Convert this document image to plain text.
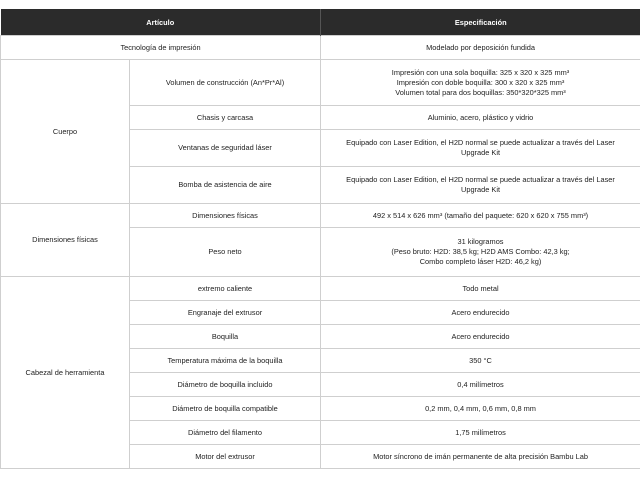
Artículo		Especificación
Tecnología de impresión		Modelado por deposición fundida
Cuerpo	Volumen de construcción (An*Pr*Al)	Impresión con una sola boquilla: 325 x 320 x 325 mm³
Impresión con doble boquilla: 300 x 320 x 325 mm³
Volumen total para dos boquillas: 350*320*325 mm³

	Chasis y carcasa	Aluminio, acero, plástico y vidrio
	Ventanas de seguridad láser	Equipado con Laser Edition, el H2D normal se puede actualizar a través del Laser
Upgrade Kit

	Bomba de asistencia de aire	Equipado con Laser Edition, el H2D normal se puede actualizar a través del Laser
Upgrade Kit

Dimensiones físicas	Dimensiones físicas	492 x 514 x 626 mm³ (tamaño del paquete: 620 x 620 x 755 mm³)
	Peso neto	31 kilogramos
(Peso bruto: H2D: 38,5 kg; H2D AMS Combo: 42,3 kg;
Combo completo láser H2D: 46,2 kg)

Cabezal de herramienta	extremo caliente	Todo metal
	Engranaje del extrusor	Acero endurecido
	Boquilla	Acero endurecido
	Temperatura máxima de la boquilla	350 °C
	Diámetro de boquilla incluido	0,4 milímetros
	Diámetro de boquilla compatible	0,2 mm, 0,4 mm, 0,6 mm, 0,8 mm
	Diámetro del filamento	1,75 milímetros
	Motor del extrusor	Motor síncrono de imán permanente de alta precisión Bambu Lab
